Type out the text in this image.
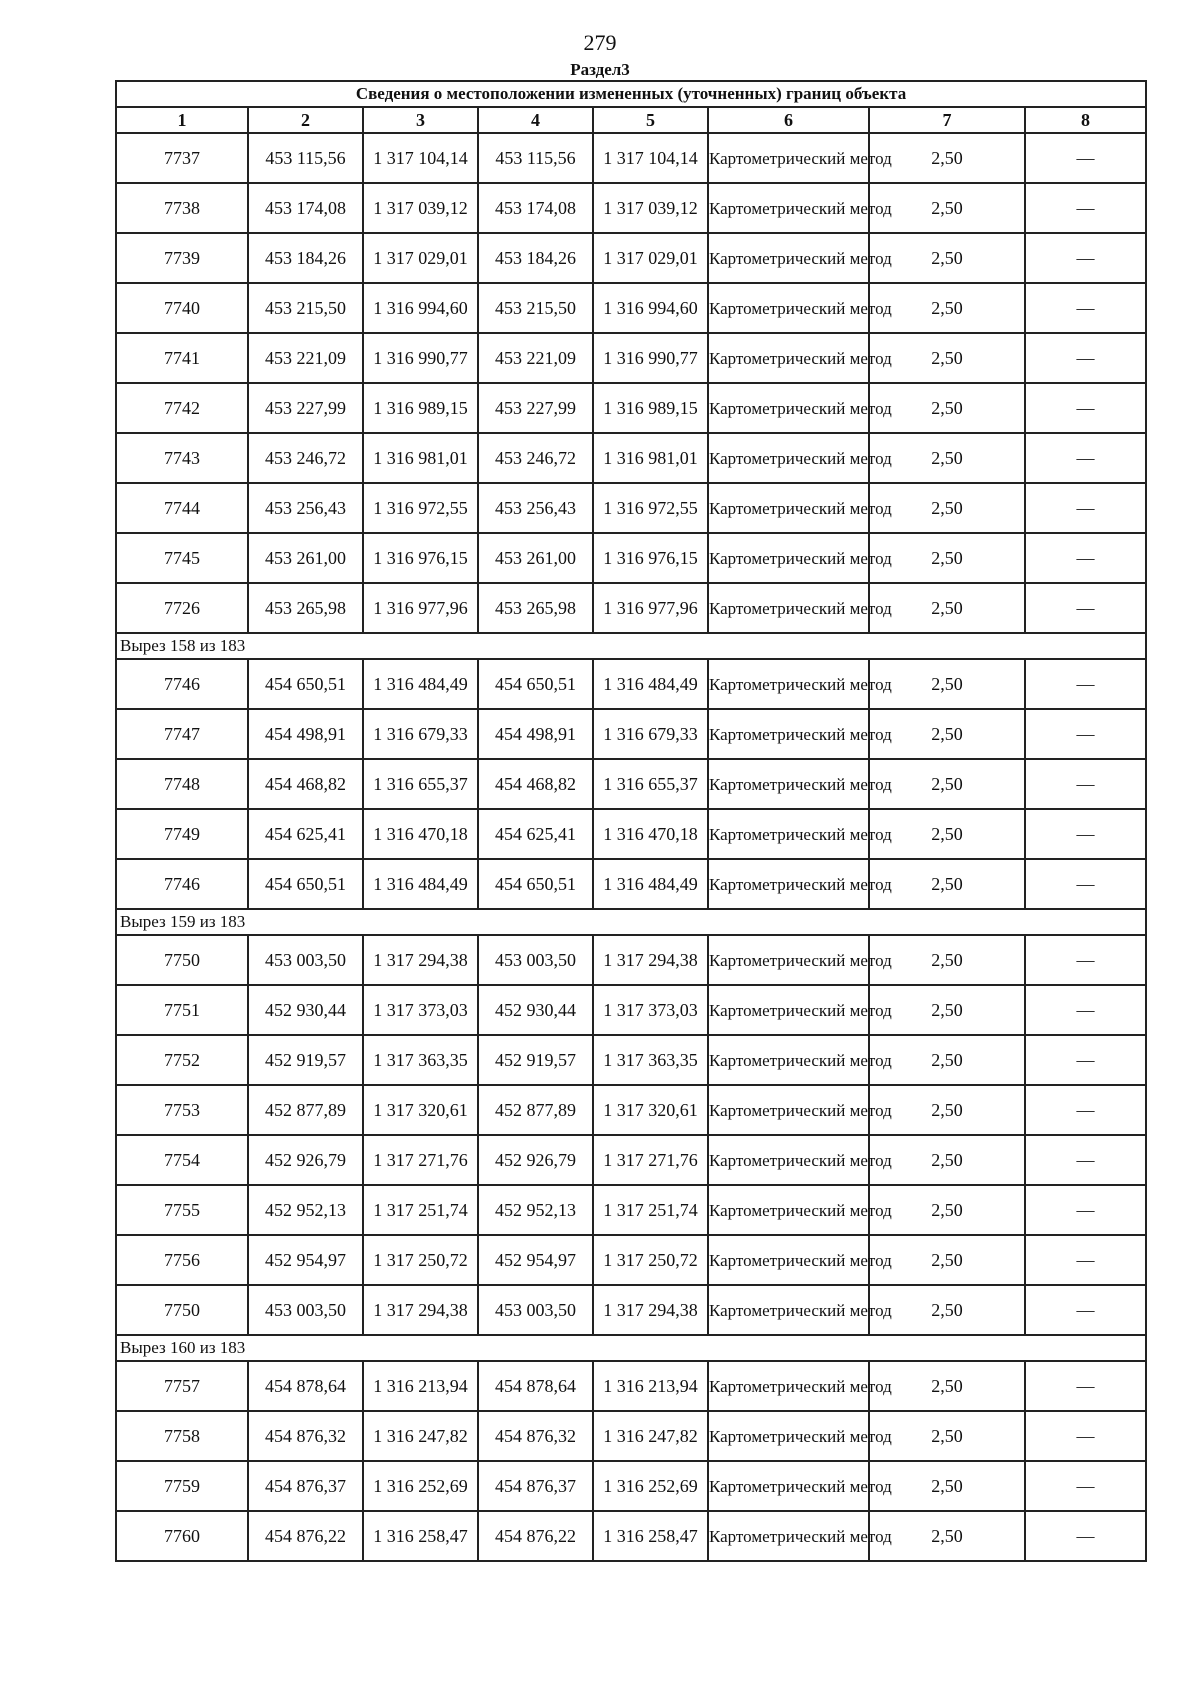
279
Раздел3
Сведения о местоположении измененных (уточненных) границ объекта							
1	2	3	4	5	6	7	8
7737	453 115,56	1 317 104,14	453 115,56	1 317 104,14	Картометрический метод	2,50	—
7738	453 174,08	1 317 039,12	453 174,08	1 317 039,12	Картометрический метод	2,50	—
7739	453 184,26	1 317 029,01	453 184,26	1 317 029,01	Картометрический метод	2,50	—
7740	453 215,50	1 316 994,60	453 215,50	1 316 994,60	Картометрический метод	2,50	—
7741	453 221,09	1 316 990,77	453 221,09	1 316 990,77	Картометрический метод	2,50	—
7742	453 227,99	1 316 989,15	453 227,99	1 316 989,15	Картометрический метод	2,50	—
7743	453 246,72	1 316 981,01	453 246,72	1 316 981,01	Картометрический метод	2,50	—
7744	453 256,43	1 316 972,55	453 256,43	1 316 972,55	Картометрический метод	2,50	—
7745	453 261,00	1 316 976,15	453 261,00	1 316 976,15	Картометрический метод	2,50	—
7726	453 265,98	1 316 977,96	453 265,98	1 316 977,96	Картометрический метод	2,50	—
Вырез 158 из 183							
7746	454 650,51	1 316 484,49	454 650,51	1 316 484,49	Картометрический метод	2,50	—
7747	454 498,91	1 316 679,33	454 498,91	1 316 679,33	Картометрический метод	2,50	—
7748	454 468,82	1 316 655,37	454 468,82	1 316 655,37	Картометрический метод	2,50	—
7749	454 625,41	1 316 470,18	454 625,41	1 316 470,18	Картометрический метод	2,50	—
7746	454 650,51	1 316 484,49	454 650,51	1 316 484,49	Картометрический метод	2,50	—
Вырез 159 из 183							
7750	453 003,50	1 317 294,38	453 003,50	1 317 294,38	Картометрический метод	2,50	—
7751	452 930,44	1 317 373,03	452 930,44	1 317 373,03	Картометрический метод	2,50	—
7752	452 919,57	1 317 363,35	452 919,57	1 317 363,35	Картометрический метод	2,50	—
7753	452 877,89	1 317 320,61	452 877,89	1 317 320,61	Картометрический метод	2,50	—
7754	452 926,79	1 317 271,76	452 926,79	1 317 271,76	Картометрический метод	2,50	—
7755	452 952,13	1 317 251,74	452 952,13	1 317 251,74	Картометрический метод	2,50	—
7756	452 954,97	1 317 250,72	452 954,97	1 317 250,72	Картометрический метод	2,50	—
7750	453 003,50	1 317 294,38	453 003,50	1 317 294,38	Картометрический метод	2,50	—
Вырез 160 из 183							
7757	454 878,64	1 316 213,94	454 878,64	1 316 213,94	Картометрический метод	2,50	—
7758	454 876,32	1 316 247,82	454 876,32	1 316 247,82	Картометрический метод	2,50	—
7759	454 876,37	1 316 252,69	454 876,37	1 316 252,69	Картометрический метод	2,50	—
7760	454 876,22	1 316 258,47	454 876,22	1 316 258,47	Картометрический метод	2,50	—
